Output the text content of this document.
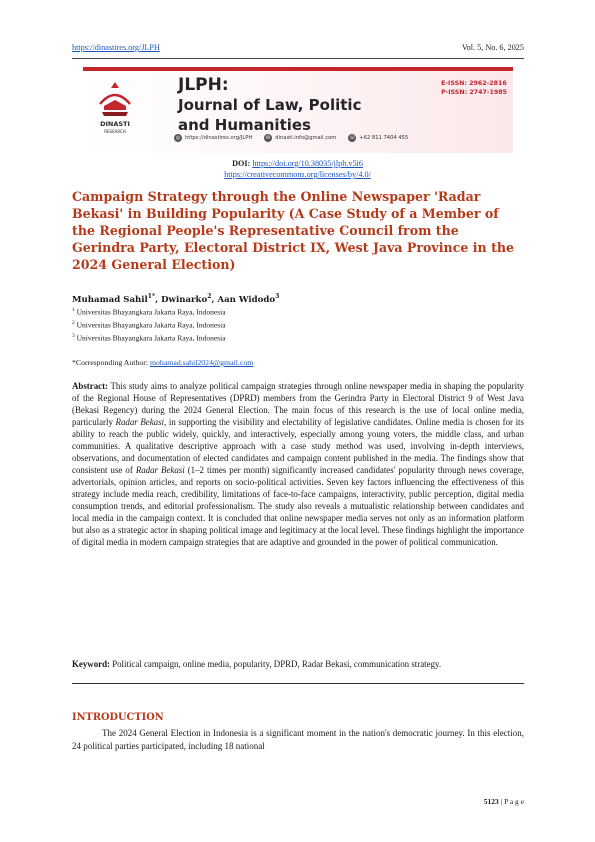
https://dinastires.org/JLPH	Vol. 5, No. 6, 2025
DINASTI
RESEARCH
JLPH:
Journal of Law, Politic
and Humanities
E-ISSN: 2962-2816
P-ISSN: 2747-1985
◎ https://dinastires.org/JLPH	✉ dinasti.info@gmail.com	☏ +62 811 7404 455
DOI: https://doi.org/10.38035/jlph.v5i6
https://creativecommons.org/licenses/by/4.0/
Campaign Strategy through the Online Newspaper 'Radar Bekasi' in Building Popularity (A Case Study of a Member of the Regional People's Representative Council from the Gerindra Party, Electoral District IX, West Java Province in the 2024 General Election)
Muhamad Sahil$^{1*}$, Dwinarko$^2$, Aan Widodo$^3$
$^1$ Universitas Bhayangkara Jakarta Raya, Indonesia
$^2$ Universitas Bhayangkara Jakarta Raya, Indonesia
$^3$ Universitas Bhayangkara Jakarta Raya, Indonesia
*Corresponding Author: mohamad.sahil2024@gmail.com
Abstract: This study aims to analyze political campaign strategies through online newspaper media in shaping the popularity of the Regional House of Representatives (DPRD) members from the Gerindra Party in Electoral District 9 of West Java (Bekasi Regency) during the 2024 General Election. The main focus of this research is the use of local online media, particularly Radar Bekasi, in supporting the visibility and electability of legislative candidates. Online media is chosen for its ability to reach the public widely, quickly, and interactively, especially among young voters, the middle class, and urban communities. A qualitative descriptive approach with a case study method was used, involving in-depth interviews, observations, and documentation of elected candidates and campaign content published in the media. The findings show that consistent use of Radar Bekasi (1–2 times per month) significantly increased candidates' popularity through news coverage, advertorials, opinion articles, and reports on socio-political activities. Seven key factors influencing the effectiveness of this strategy include media reach, credibility, limitations of face-to-face campaigns, interactivity, public perception, digital media consumption trends, and editorial professionalism. The study also reveals a mutualistic relationship between candidates and local media in the campaign context. It is concluded that online newspaper media serves not only as an information platform but also as a strategic actor in shaping political image and legitimacy at the local level. These findings highlight the importance of digital media in modern campaign strategies that are adaptive and grounded in the power of political communication.
Keyword: Political campaign, online media, popularity, DPRD, Radar Bekasi, communication strategy.
INTRODUCTION
The 2024 General Election in Indonesia is a significant moment in the nation's democratic journey. In this election, 24 political parties participated, including 18 national
5123 | P a g e
